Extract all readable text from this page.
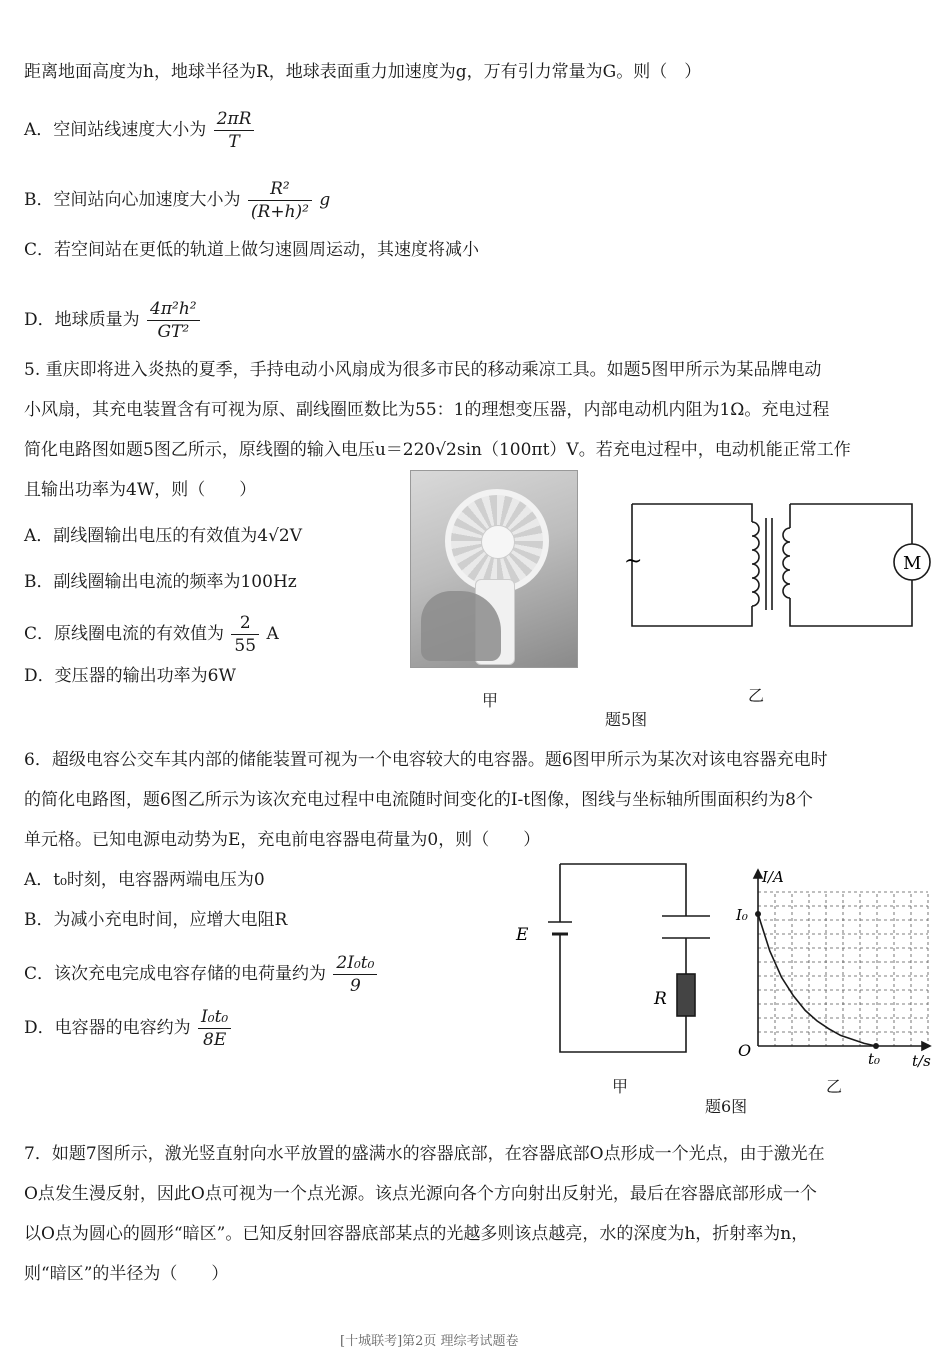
距离地面高度为h，地球半径为R，地球表面重力加速度为g，万有引力常量为G。则（　）
A．空间站线速度大小为 $\frac{2\pi R}{T}$
B．空间站向心加速度大小为 $\frac{\text{R²}}{\text{(R+h)²}}$ g
C．若空间站在更低的轨道上做匀速圆周运动，其速度将减小
D．地球质量为 $\frac{\text{4π²h²}}{\text{GT²}}$
5. 重庆即将进入炎热的夏季，手持电动小风扇成为很多市民的移动乘凉工具。如题5图甲所示为某品牌电动
小风扇，其充电装置含有可视为原、副线圈匝数比为55：1的理想变压器，内部电动机内阻为1Ω。充电过程
简化电路图如题5图乙所示，原线圈的输入电压u＝220√2sin（100πt）V。若充电过程中，电动机能正常工作
且输出功率为4W，则（　　）
A．副线圈输出电压的有效值为4√2V
B．副线圈输出电流的频率为100Hz
C．原线圈电流的有效值为 $\frac{2}{55}$ A
D．变压器的输出功率为6W
甲
~	M
乙
题5图
6．超级电容公交车其内部的储能装置可视为一个电容较大的电容器。题6图甲所示为某次对该电容器充电时
的简化电路图，题6图乙所示为该次充电过程中电流随时间变化的I-t图像，图线与坐标轴所围面积约为8个
单元格。已知电源电动势为E，充电前电容器电荷量为0，则（　　）
A．t₀时刻，电容器两端电压为0
B．为减小充电时间，应增大电阻R
C．该次充电完成电容存储的电荷量约为 $\frac{\text{2I₀t₀}}{9}$
D．电容器的电容约为 $\frac{\text{I₀t₀}}{8E}$
E
R
甲
I/A
t/s
O
I₀
t₀
乙
题6图
7．如题7图所示，激光竖直射向水平放置的盛满水的容器底部，在容器底部O点形成一个光点，由于激光在
O点发生漫反射，因此O点可视为一个点光源。该点光源向各个方向射出反射光，最后在容器底部形成一个
以O点为圆心的圆形“暗区”。已知反射回容器底部某点的光越多则该点越亮，水的深度为h，折射率为n，
则“暗区”的半径为（　　）
[十城联考]第2页 理综考试题卷
